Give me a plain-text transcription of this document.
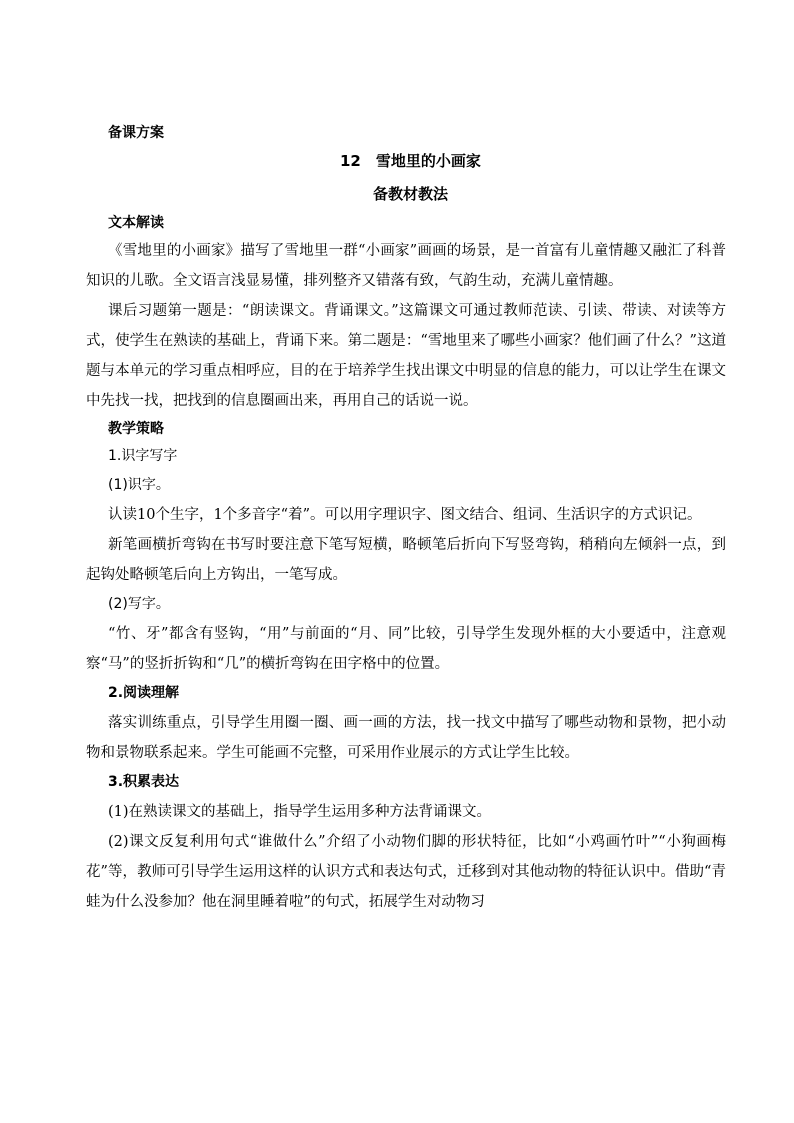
备课方案
12　雪地里的小画家
备教材教法
文本解读
《雪地里的小画家》描写了雪地里一群“小画家”画画的场景，是一首富有儿童情趣又融汇了科普知识的儿歌。全文语言浅显易懂，排列整齐又错落有致，气韵生动，充满儿童情趣。
课后习题第一题是：“朗读课文。背诵课文。”这篇课文可通过教师范读、引读、带读、对读等方式，使学生在熟读的基础上，背诵下来。第二题是：“雪地里来了哪些小画家？他们画了什么？”这道题与本单元的学习重点相呼应，目的在于培养学生找出课文中明显的信息的能力，可以让学生在课文中先找一找，把找到的信息圈画出来，再用自己的话说一说。
教学策略
1.识字写字
(1)识字。
认读10个生字，1个多音字“着”。可以用字理识字、图文结合、组词、生活识字的方式识记。
新笔画横折弯钩在书写时要注意下笔写短横，略顿笔后折向下写竖弯钩，稍稍向左倾斜一点，到起钩处略顿笔后向上方钩出，一笔写成。
(2)写字。
“竹、牙”都含有竖钩，“用”与前面的“月、同”比较，引导学生发现外框的大小要适中，注意观察“马”的竖折折钩和“几”的横折弯钩在田字格中的位置。
2.阅读理解
落实训练重点，引导学生用圈一圈、画一画的方法，找一找文中描写了哪些动物和景物，把小动物和景物联系起来。学生可能画不完整，可采用作业展示的方式让学生比较。
3.积累表达
(1)在熟读课文的基础上，指导学生运用多种方法背诵课文。
(2)课文反复利用句式“谁做什么”介绍了小动物们脚的形状特征，比如“小鸡画竹叶”“小狗画梅花”等，教师可引导学生运用这样的认识方式和表达句式，迁移到对其他动物的特征认识中。借助“青蛙为什么没参加？他在洞里睡着啦”的句式，拓展学生对动物习
